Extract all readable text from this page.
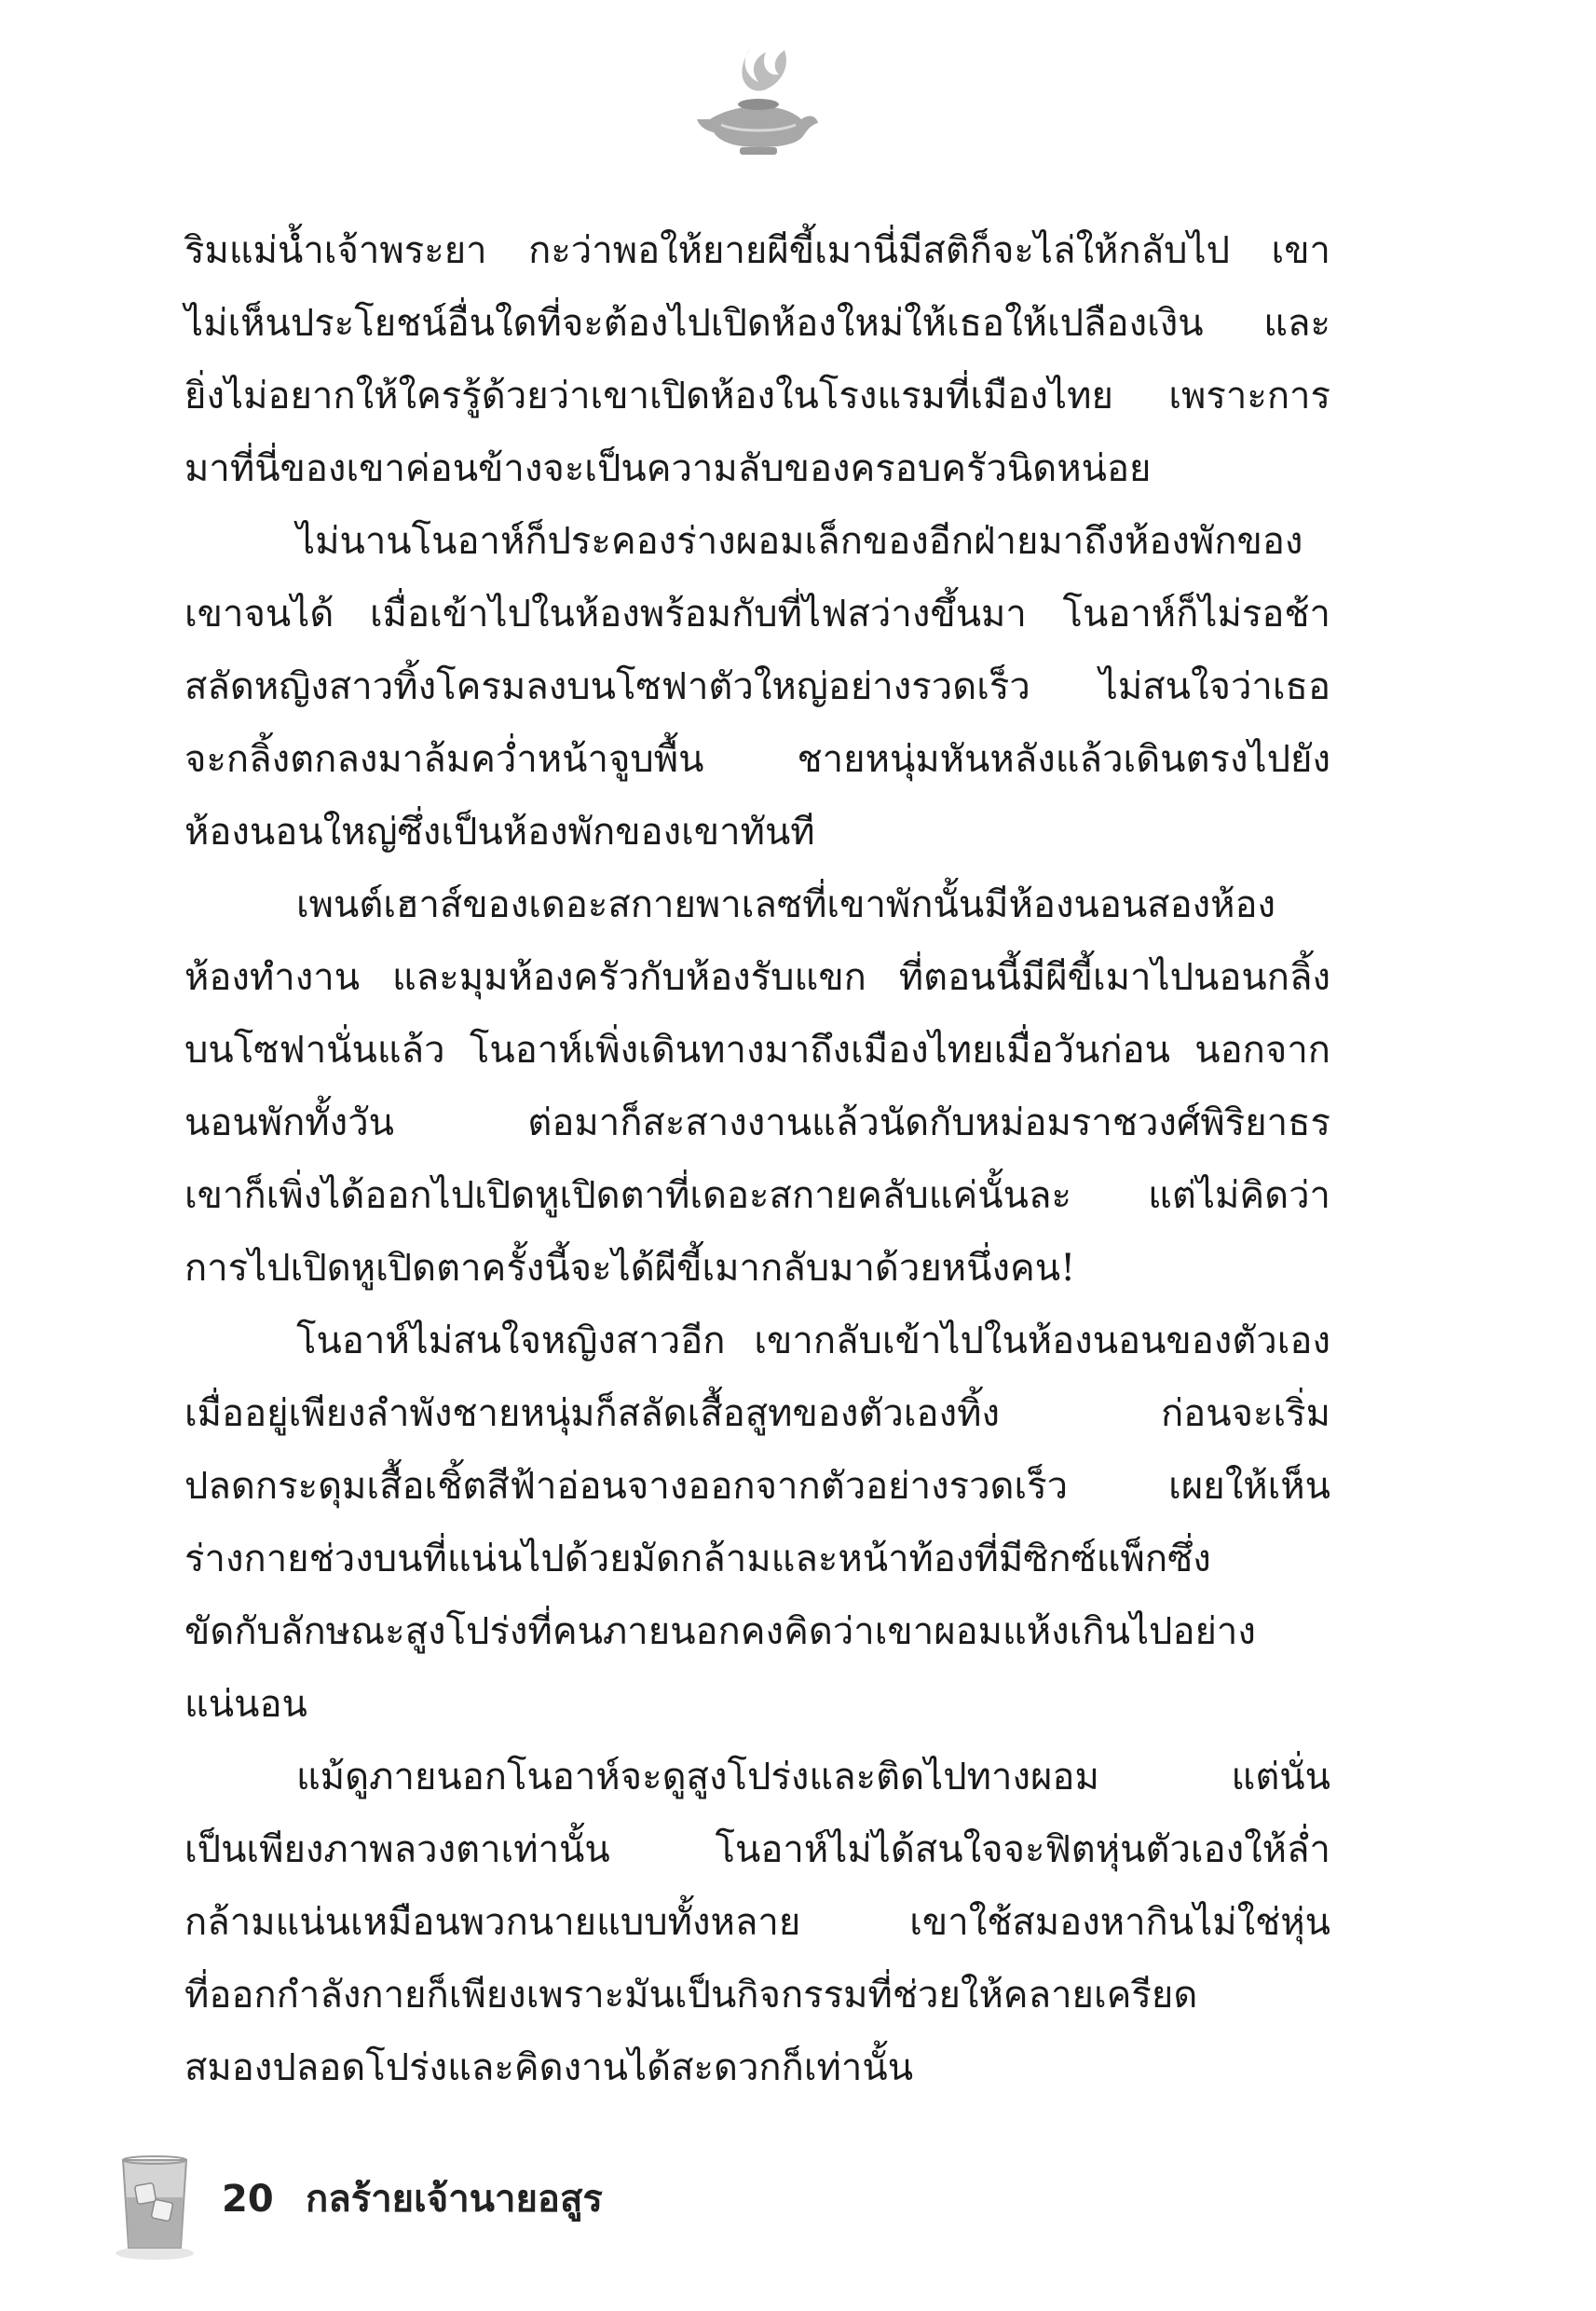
ริมแม่น้ำเจ้าพระยา กะว่าพอให้ยายผีขี้เมานี่มีสติก็จะไล่ให้กลับไป เขา
ไม่เห็นประโยชน์อื่นใดที่จะต้องไปเปิดห้องใหม่ให้เธอให้เปลืองเงิน และ
ยิ่งไม่อยากให้ใครรู้ด้วยว่าเขาเปิดห้องในโรงแรมที่เมืองไทย เพราะการ
มาที่นี่ของเขาค่อนข้างจะเป็นความลับของครอบครัวนิดหน่อย
ไม่นานโนอาห์ก็ประคองร่างผอมเล็กของอีกฝ่ายมาถึงห้องพักของ
เขาจนได้ เมื่อเข้าไปในห้องพร้อมกับที่ไฟสว่างขึ้นมา โนอาห์ก็ไม่รอช้า
สลัดหญิงสาวทิ้งโครมลงบนโซฟาตัวใหญ่อย่างรวดเร็ว ไม่สนใจว่าเธอ
จะกลิ้งตกลงมาล้มคว่ำหน้าจูบพื้น ชายหนุ่มหันหลังแล้วเดินตรงไปยัง
ห้องนอนใหญ่ซึ่งเป็นห้องพักของเขาทันที
เพนต์เฮาส์ของเดอะสกายพาเลซที่เขาพักนั้นมีห้องนอนสองห้อง
ห้องทำงาน และมุมห้องครัวกับห้องรับแขก ที่ตอนนี้มีผีขี้เมาไปนอนกลิ้ง
บนโซฟานั่นแล้ว โนอาห์เพิ่งเดินทางมาถึงเมืองไทยเมื่อวันก่อน นอกจาก
นอนพักทั้งวัน ต่อมาก็สะสางงานแล้วนัดกับหม่อมราชวงศ์พิริยาธร
เขาก็เพิ่งได้ออกไปเปิดหูเปิดตาที่เดอะสกายคลับแค่นั้นละ แต่ไม่คิดว่า
การไปเปิดหูเปิดตาครั้งนี้จะได้ผีขี้เมากลับมาด้วยหนึ่งคน!
โนอาห์ไม่สนใจหญิงสาวอีก เขากลับเข้าไปในห้องนอนของตัวเอง
เมื่ออยู่เพียงลำพังชายหนุ่มก็สลัดเสื้อสูทของตัวเองทิ้ง ก่อนจะเริ่ม
ปลดกระดุมเสื้อเชิ้ตสีฟ้าอ่อนจางออกจากตัวอย่างรวดเร็ว เผยให้เห็น
ร่างกายช่วงบนที่แน่นไปด้วยมัดกล้ามและหน้าท้องที่มีซิกซ์แพ็กซึ่ง
ขัดกับลักษณะสูงโปร่งที่คนภายนอกคงคิดว่าเขาผอมแห้งเกินไปอย่าง
แน่นอน
แม้ดูภายนอกโนอาห์จะดูสูงโปร่งและติดไปทางผอม แต่นั่น
เป็นเพียงภาพลวงตาเท่านั้น โนอาห์ไม่ได้สนใจจะฟิตหุ่นตัวเองให้ล่ำ
กล้ามแน่นเหมือนพวกนายแบบทั้งหลาย เขาใช้สมองหากินไม่ใช่หุ่น
ที่ออกกำลังกายก็เพียงเพราะมันเป็นกิจกรรมที่ช่วยให้คลายเครียด
สมองปลอดโปร่งและคิดงานได้สะดวกก็เท่านั้น
20 กลร้ายเจ้านายอสูร
